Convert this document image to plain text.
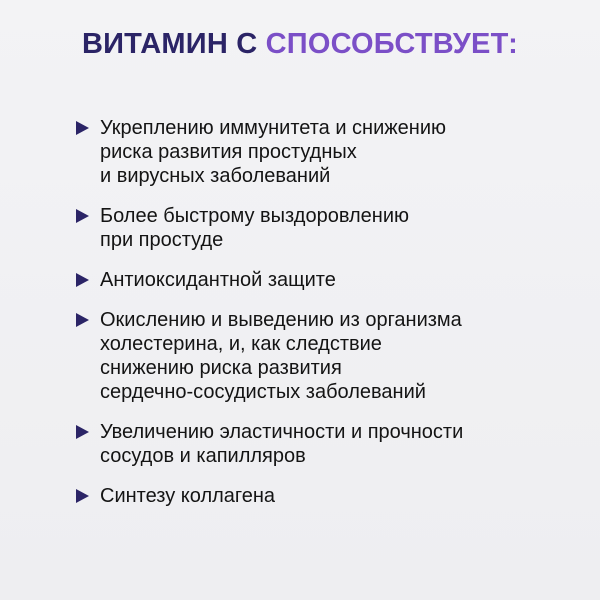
ВИТАМИН С СПОСОБСТВУЕТ:
Укреплению иммунитета и снижению
риска развития простудных
и вирусных заболеваний
Более быстрому выздоровлению
при простуде
Антиоксидантной защите
Окислению и выведению из организма
холестерина, и, как следствие
снижению риска развития
сердечно-сосудистых заболеваний
Увеличению эластичности и прочности
сосудов и капилляров
Синтезу коллагена
